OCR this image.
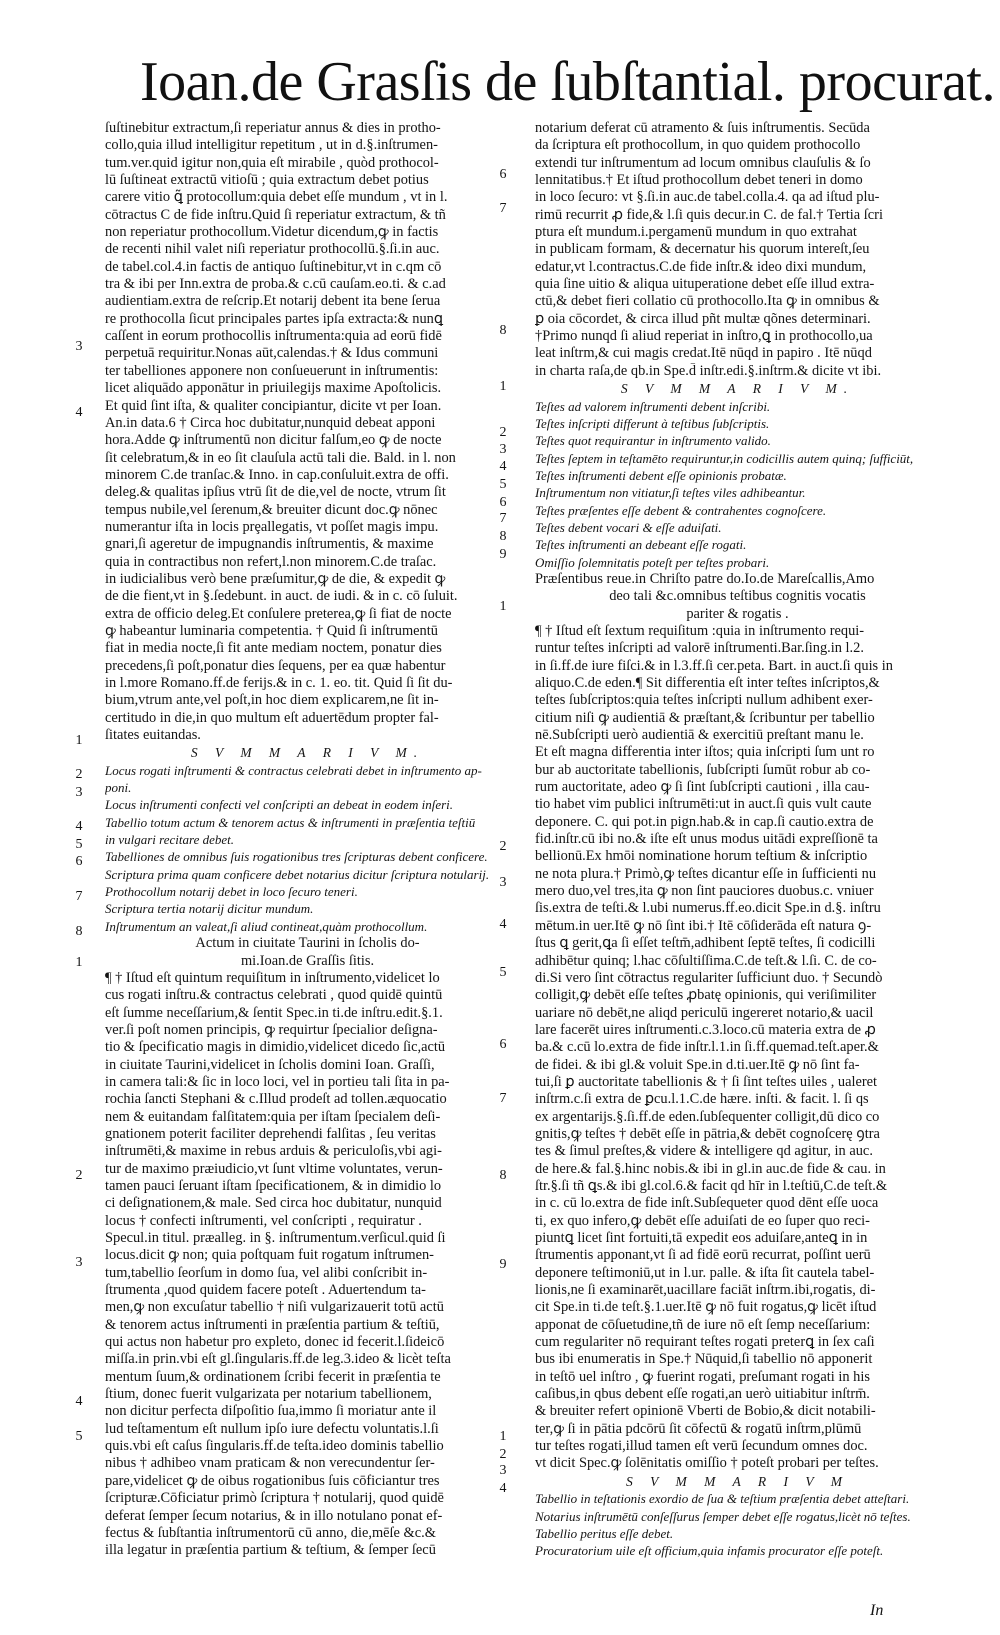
Ioan.de Grasſis de ſubſtantial. procurat.
ſuſtinebitur extractum,ſi reperiatur annus & dies in protho-
collo,quia illud intelligitur repetitum , ut in d.§.inſtrumen-
tum.ver.quid igitur non,quia eſt mirabile , quòd prothocol-
lū ſuſtineat extractū vitioſū ; quia extractum debet potius
carere vitio ꝗ̃ protocollum:quia debet eſſe mundum , vt in l.
cōtractus C de fide inſtru.Quid ſi reperiatur extractum, & tñ
non reperiatur prothocollum.Videtur dicendum,ꝙ in factis
de recenti nihil valet niſi reperiatur prothocollū.§.ſi.in auc.
de tabel.col.4.in factis de antiquo ſuſtinebitur,vt in c.qm cō
tra & ibi per Inn.extra de proba.& c.cū cauſam.eo.ti. & c.ad
audientiam.extra de reſcrip.Et notarij debent ita bene ſerua
re prothocolla ſicut principales partes ipſa extracta:& nunꝗ
caſſent in eorum prothocollis inſtrumenta:quia ad eorū fidē
perpetuā requiritur.Nonas aūt,calendas.† & Idus communi
ter tabelliones apponere non conſueuerunt in inſtrumentis:
licet aliquādo apponātur in priuilegijs maxime Apoſtolicis.
Et quid ſint iſta, & qualiter concipiantur, dicite vt per Ioan.
An.in data.6 † Circa hoc dubitatur,nunquid debeat apponi
hora.Adde ꝙ inſtrumentū non dicitur falſum,eo ꝙ de nocte
ſit celebratum,& in eo ſit clauſula actū tali die. Bald. in l. non
minorem C.de tranſac.& Inno. in cap.conſuluit.extra de offi.
deleg.& qualitas ipſius vtrū ſit de die,vel de nocte, vtrum ſit
tempus nubile,vel ſerenum,& breuiter dicunt doc.ꝙ nōnec
numerantur iſta in locis prȩallegatis, vt poſſet magis impu.
gnari,ſi ageretur de impugnandis inſtrumentis, & maxime
quia in contractibus non refert,l.non minorem.C.de traſac.
in iudicialibus verò bene præſumitur,ꝙ de die, & expedit ꝙ
de die fient,vt in §.ſedebunt. in auct. de iudi. & in c. cō ſuluit.
extra de officio deleg.Et conſulere preterea,ꝙ ſi fiat de nocte
ꝙ habeantur luminaria competentia. † Quid ſi inſtrumentū
fiat in media nocte,ſi fit ante mediam noctem, ponatur dies
precedens,ſi poſt,ponatur dies ſequens, per ea quæ habentur
in l.more Romano.ff.de ferijs.& in c. 1. eo. tit. Quid ſi ſit du-
bium,vtrum ante,vel poſt,in hoc diem explicarem,ne ſit in-
certitudo in die,in quo multum eſt aduertēdum propter fal-
ſitates euitandas.
S V M M A R I V M.
Locus rogati inſtrumenti & contractus celebrati debet in inſtrumento ap-
poni.
Locus inſtrumenti confecti vel conſcripti an debeat in eodem inſeri.
Tabellio totum actum & tenorem actus & inſtrumenti in præſentia teſtiū
in vulgari recitare debet.
Tabelliones de omnibus ſuis rogationibus tres ſcripturas debent conficere.
Scriptura prima quam conficere debet notarius dicitur ſcriptura notularij.
Prothocollum notarij debet in loco ſecuro teneri.
Scriptura tertia notarij dicitur mundum.
Inſtrumentum an valeat,ſi aliud contineat,quàm prothocollum.
Actum in ciuitate Taurini in ſcholis do-
mi.Ioan.de Graſſis ſitis.
¶ † Iſtud eſt quintum requiſitum in inſtrumento,videlicet lo
cus rogati inſtru.& contractus celebrati , quod quidē quintū
eſt ſumme neceſſarium,& ſentit Spec.in ti.de inſtru.edit.§.1.
ver.ſi poſt nomen principis, ꝙ requirtur ſpecialior deſigna-
tio & ſpecificatio magis in dimidio,videlicet dicedo ſic,actū
in ciuitate Taurini,videlicet in ſcholis domini Ioan. Graſſi,
in camera tali:& ſic in loco loci, vel in portieu tali ſita in pa-
rochia ſancti Stephani & c.Illud prodeſt ad tollen.æquocatio
nem & euitandam falſitatem:quia per iſtam ſpecialem deſi-
gnationem poterit faciliter deprehendi falſitas , ſeu veritas
inſtrumēti,& maxime in rebus arduis & periculoſis,vbi agi-
tur de maximo præiudicio,vt ſunt vltime voluntates, verun-
tamen pauci ſeruant iſtam ſpecificationem, & in dimidio lo
ci deſignationem,& male. Sed circa hoc dubitatur, nunquid
locus † confecti inſtrumenti, vel conſcripti , requiratur .
Specul.in titul. præalleg. in §. inſtrumentum.verſicul.quid ſi
locus.dicit ꝙ non; quia poſtquam fuit rogatum inſtrumen-
tum,tabellio ſeorſum in domo ſua, vel alibi conſcribit in-
ſtrumenta ,quod quidem facere poteſt . Aduertendum ta-
men,ꝙ non excuſatur tabellio † niſi vulgarizauerit totū actū
& tenorem actus inſtrumenti in præſentia partium & teſtiū,
qui actus non habetur pro expleto, donec id fecerit.l.ſideicō
miſſa.in prin.vbi eſt gl.ſingularis.ff.de leg.3.ideo & licèt teſta
mentum ſuum,& ordinationem ſcribi fecerit in præſentia te
ſtium, donec fuerit vulgarizata per notarium tabellionem,
non dicitur perfecta diſpoſitio ſua,immo ſi moriatur ante il
lud teſtamentum eſt nullum ipſo iure defectu voluntatis.l.ſi
quis.vbi eſt caſus ſingularis.ff.de teſta.ideo dominis tabellio
nibus † adhibeo vnam praticam & non verecundentur ſer-
pare,videlicet ꝙ de oibus rogationibus ſuis cōficiantur tres
ſcripturæ.Cōficiatur primò ſcriptura † notularij, quod quidē
deferat ſemper ſecum notarius, & in illo notulano ponat ef-
fectus & ſubſtantia inſtrumentorū cū anno, die,mēſe &c.&
illa legatur in præſentia partium & teſtium, & ſemper ſecū
notarium deferat cū atramento & ſuis inſtrumentis. Secūda
da ſcriptura eſt prothocollum, in quo quidem prothocollo
extendi tur inſtrumentum ad locum omnibus clauſulis & ſo
lennitatibus.† Et iſtud prothocollum debet teneri in domo
in loco ſecuro: vt §.ſi.in auc.de tabel.colla.4. qa ad iſtud plu-
rimū recurrit ꝓ fide,& l.ſi quis decur.in C. de fal.† Tertia ſcri
ptura eſt mundum.i.pergamenū mundum in quo extrahat
in publicam formam, & decernatur his quorum intereſt,ſeu
edatur,vt l.contractus.C.de fide inſtr.& ideo dixi mundum,
quia ſine uitio & aliqua uituperatione debet eſſe illud extra-
ctū,& debet fieri collatio cū prothocollo.Ita ꝙ in omnibus &
ꝑ oia cōcordet, & circa illud pñt multæ qõnes determinari.
†Primo nunqd ſi aliud reperiat in inſtro,ꝗ in prothocollo,ua
leat inſtrm,& cui magis credat.Itē nūqd in papiro . Itē nūqd
in charta raſa,de qb.in Spe.d̄ inſtr.edi.§.inſtrm.& dicite vt ibi.
S V M M A R I V M.
Teſtes ad valorem inſtrumenti debent inſcribi.
Teſtes inſcripti differunt à teſtibus ſubſcriptis.
Teſtes quot requirantur in inſtrumento valido.
Teſtes ſeptem in teſtamēto requiruntur,in codicillis autem quinq; ſufficiūt,
Teſtes inſtrumenti debent eſſe opinionis probatæ.
Inſtrumentum non vitiatur,ſi teſtes viles adhibeantur.
Teſtes præſentes eſſe debent & contrahentes cognoſcere.
Teſtes debent vocari & eſſe aduiſati.
Teſtes inſtrumenti an debeant eſſe rogati.
Omiſſio ſolemnitatis poteſt per teſtes probari.
Præſentibus reue.in Chriſto patre do.Io.de Mareſcallis,Amo
deo tali &c.omnibus teſtibus cognitis vocatis
pariter & rogatis .
¶ † Iſtud eſt ſextum requiſitum :quia in inſtrumento requi-
runtur teſtes inſcripti ad valorē inſtrumenti.Bar.ſing.in l.2.
in ſi.ff.de iure fiſci.& in l.3.ff.ſi cer.peta. Bart. in auct.ſi quis in
aliquo.C.de eden.¶ Sit differentia eſt inter teſtes inſcriptos,&
teſtes ſubſcriptos:quia teſtes inſcripti nullum adhibent exer-
citium niſi ꝙ audientiā & præſtant,& ſcribuntur per tabellio
nē.Subſcripti uerò audientiā & exercitiū preſtant manu le.
Et eſt magna differentia inter iſtos; quia inſcripti ſum unt ro
bur ab auctoritate tabellionis, ſubſcripti ſumūt robur ab co-
rum auctoritate, adeo ꝙ ſi ſint ſubſcripti cautioni , illa cau-
tio habet vim publici inſtrumēti:ut in auct.ſi quis vult caute
deponere. C. qui pot.in pign.hab.& in cap.ſi cautio.extra de
fid.inſtr.cū ibi no.& iſte eſt unus modus uitādi expreſſionē ta
bellionū.Ex hmōi nominatione horum teſtium & inſcriptio
ne nota plura.† Primò,ꝙ teſtes dicantur eſſe in ſufficienti nu
mero duo,vel tres,ita ꝙ non ſint pauciores duobus.c. vniuer
ſis.extra de teſti.& l.ubi numerus.ff.eo.dicit Spe.in d.§. inſtru
mētum.in uer.Itē ꝙ nō ſint ibi.† Itē cōſiderāda eſt natura ꝯ-
ſtus ꝗ gerit,ꝗa ſi eſſet teſtm̄,adhibent ſeptē teſtes, ſi codicilli
adhibētur quinq; l.hac cōſultiſſima.C.de teſt.& l.ſi. C. de co-
di.Si vero ſint cōtractus regulariter ſufficiunt duo. † Secundò
colligit,ꝙ debēt eſſe teſtes ꝓbatę opinionis, qui veriſimiliter
uariare nō debēt,ne aliqd periculū ingereret notario,& uacil
lare facerēt uires inſtrumenti.c.3.loco.cū materia extra de ꝓ
ba.& c.cū lo.extra de fide inſtr.l.1.in ſi.ff.quemad.teſt.aper.&
de fidei. & ibi gl.& voluit Spe.in d.ti.uer.Itē ꝙ nō ſint fa-
tui,ſi ꝑ auctoritate tabellionis & † ſi ſint teſtes uiles , ualeret
inſtrm.c.ſi extra de ꝑcu.l.1.C.de hære. inſti. & facit. l. ſi qs
ex argentarijs.§.ſi.ff.de eden.ſubſequenter colligit,dū dico co
gnitis,ꝙ teſtes † debēt eſſe in pātria,& debēt cognoſcerę ꝯtra
tes & ſimul preſtes,& videre & intelligere qd agitur, in auc.
de here.& fal.§.hinc nobis.& ibi in gl.in auc.de fide & cau. in
ſtr.§.ſi tñ ꝗs.& ibi gl.col.6.& facit qd hīr in l.teſtiū,C.de teſt.&
in c. cū lo.extra de fide inſt.Subſequeter quod dēnt eſſe uoca
ti, ex quo infero,ꝙ debēt eſſe aduiſati de eo ſuper quo reci-
piuntꝗ licet ſint fortuiti,tā expedit eos aduiſare,anteꝗ in in
ſtrumentis apponant,vt ſi ad fidē eorū recurrat, poſſint uerū
deponere teſtimoniū,ut in l.ur. palle. & iſta ſit cautela tabel-
lionis,ne ſi examinarēt,uacillare faciāt inſtrm.ibi,rogatis, di-
cit Spe.in ti.de teſt.§.1.uer.Itē ꝙ nō fuit rogatus,ꝙ licēt iſtud
apponat de cōſuetudine,tñ de iure nō eſt ſemp neceſſarium:
cum regulariter nō requirant teſtes rogati preterꝗ in ſex caſi
bus ibi enumeratis in Spe.† Nūquid,ſi tabellio nō apponerit
in teſtō uel inſtro , ꝙ fuerint rogati, preſumant rogati in his
caſibus,in qbus debent eſſe rogati,an uerò uitiabitur inſtrm̄.
& breuiter refert opinionē Vberti de Bobio,& dicit notabili-
ter,ꝙ ſi in pātia pdcōrū ſit cōfectū & rogatū inſtrm,plūmū
tur teſtes rogati,illud tamen eſt verū ſecundum omnes doc.
vt dicit Spec.ꝙ ſolēnitatis omiſſio † poteſt probari per teſtes.
S V M M A R I V M
Tabellio in teſtationis exordio de ſua & teſtium præſentia debet atteſtari.
Notarius inſtrumētū conſeſſurus ſemper debet eſſe rogatus,licèt nō teſtes.
Tabellio peritus eſſe debet.
Procuratorium uile eſt officium,quia infamis procurator eſſe poteſt.
3
4
1
2
3
4
5
6
7
8
1
2
3
4
5
6
7
8
1
2
3
4
5
6
7
8
9
1
2
3
4
5
6
7
8
9
1
2
3
4
In
